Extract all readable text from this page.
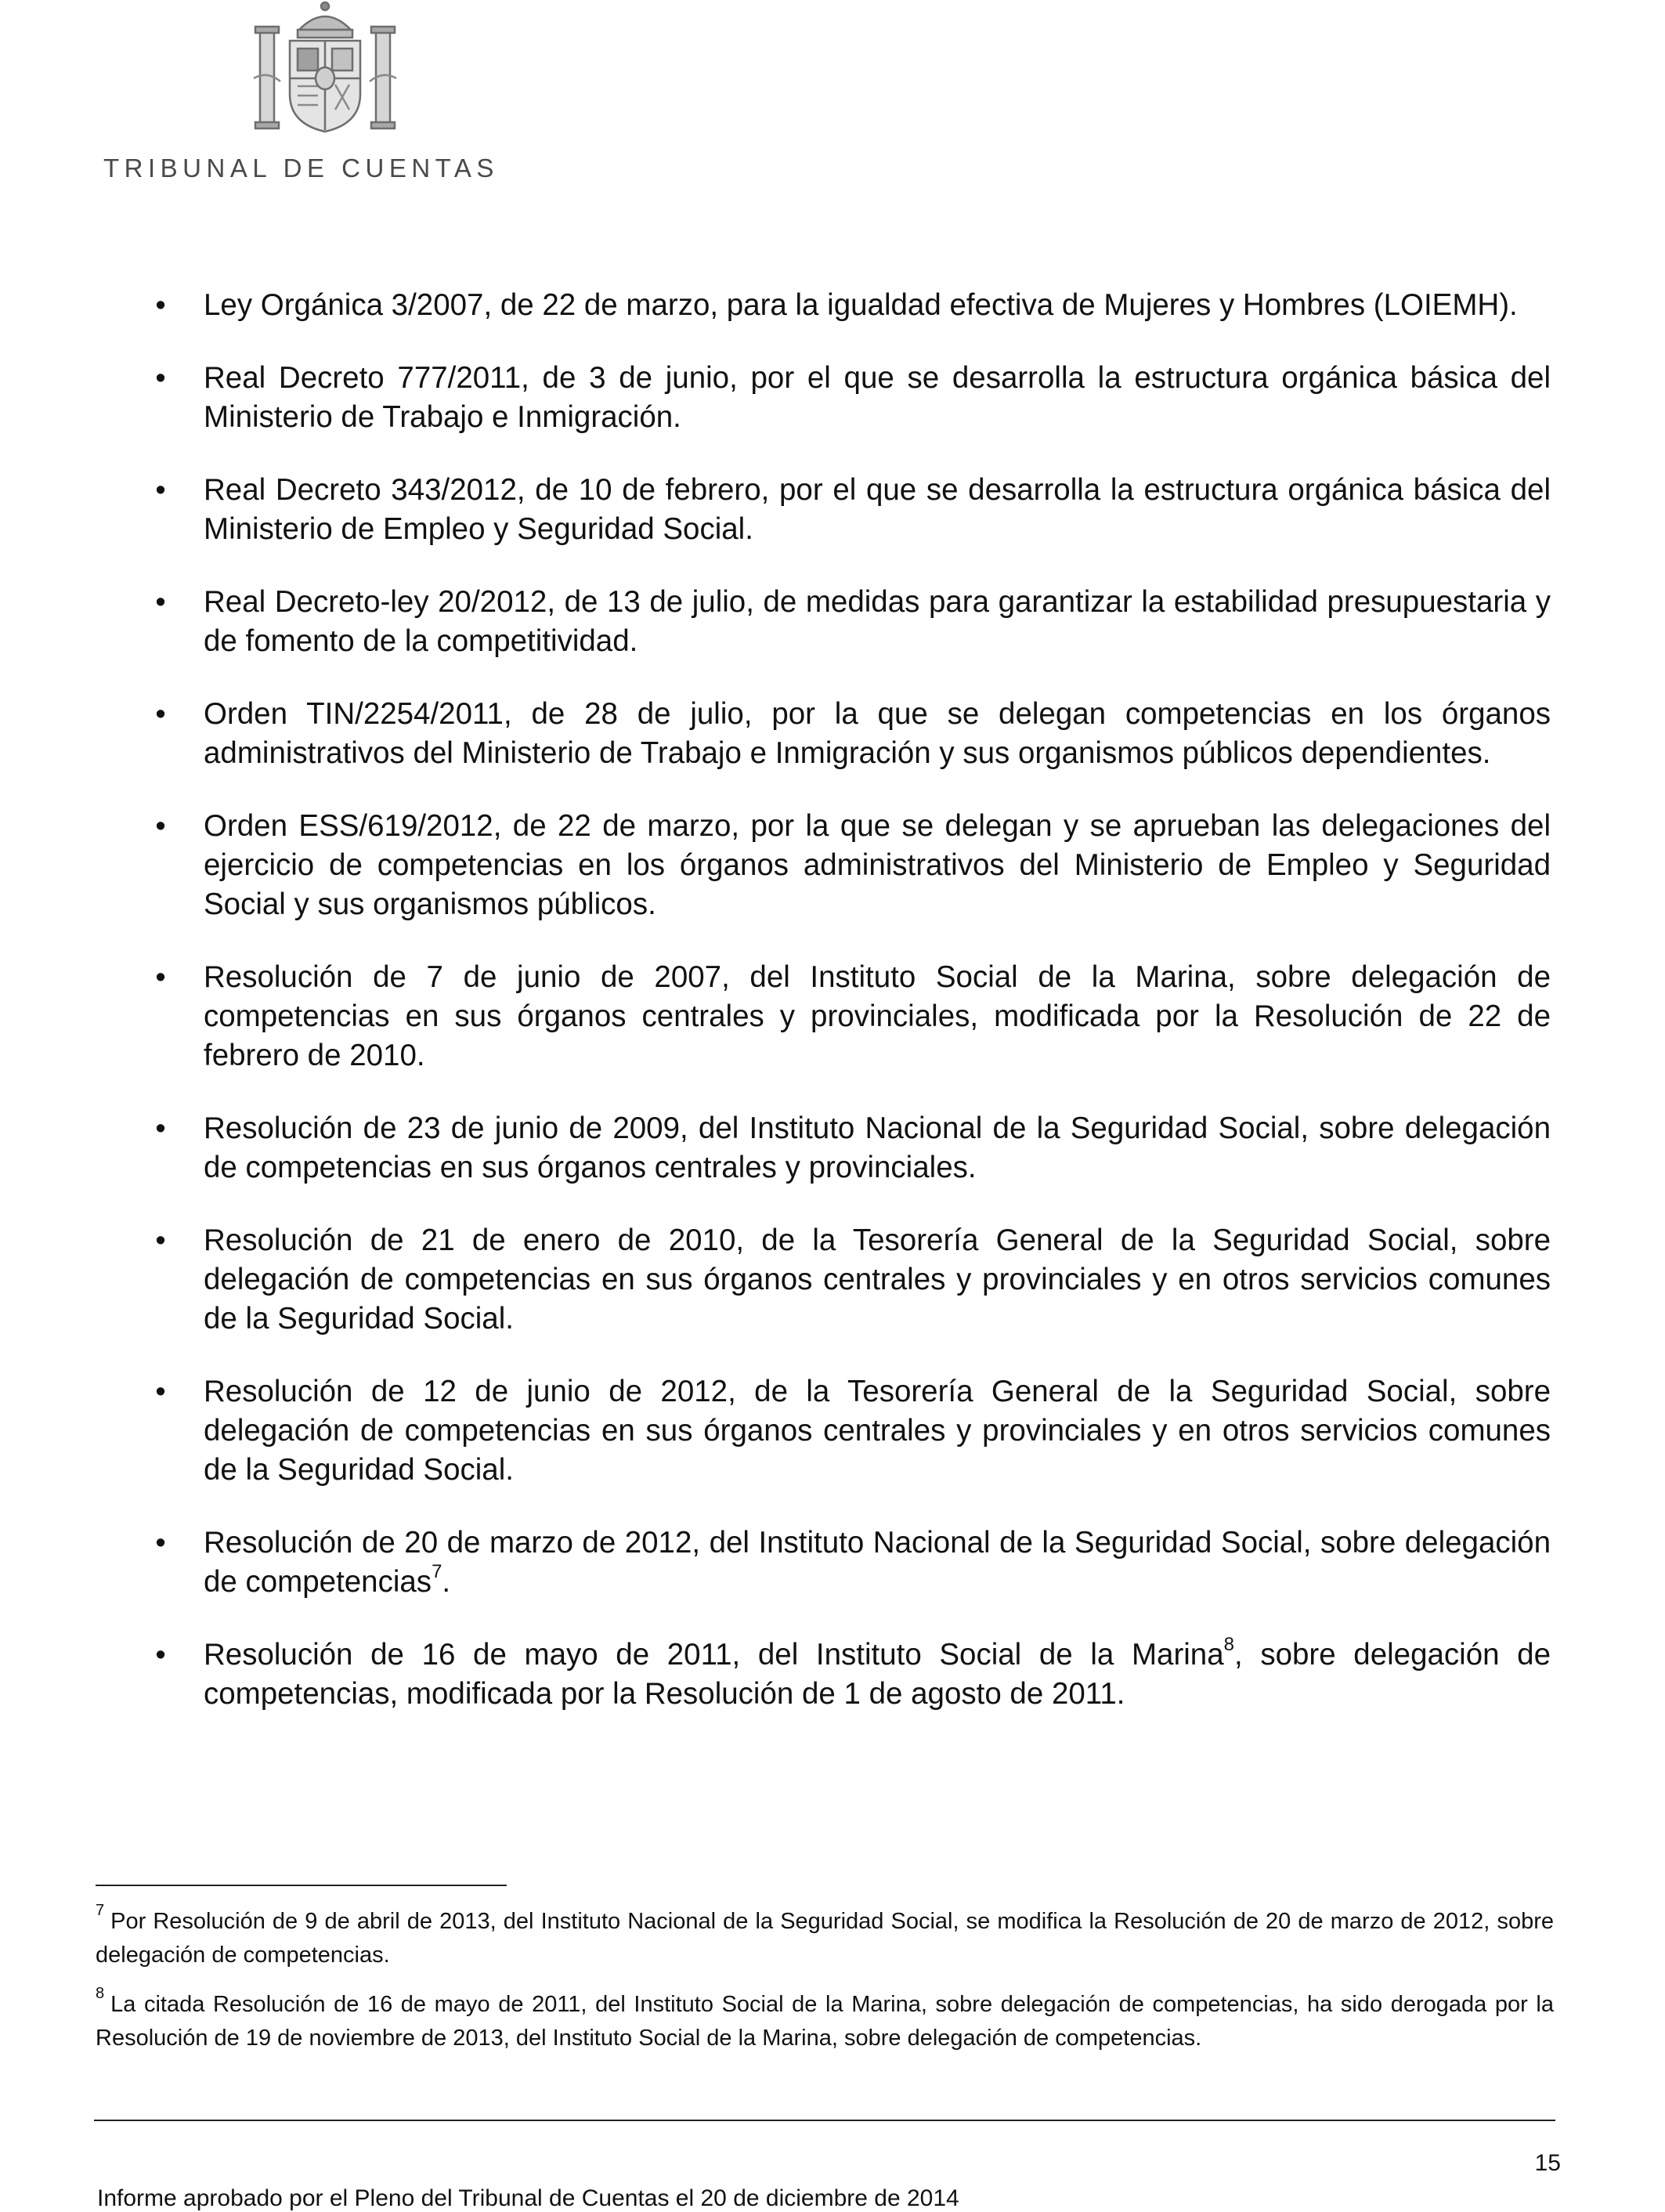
TRIBUNAL DE CUENTAS
• Ley Orgánica 3/2007, de 22 de marzo, para la igualdad efectiva de Mujeres y Hombres (LOIEMH).
• Real Decreto 777/2011, de 3 de junio, por el que se desarrolla la estructura orgánica básica del Ministerio de Trabajo e Inmigración.
• Real Decreto 343/2012, de 10 de febrero, por el que se desarrolla la estructura orgánica básica del Ministerio de Empleo y Seguridad Social.
• Real Decreto-ley 20/2012, de 13 de julio, de medidas para garantizar la estabilidad presupuestaria y de fomento de la competitividad.
• Orden TIN/2254/2011, de 28 de julio, por la que se delegan competencias en los órganos administrativos del Ministerio de Trabajo e Inmigración y sus organismos públicos dependientes.
• Orden ESS/619/2012, de 22 de marzo, por la que se delegan y se aprueban las delegaciones del ejercicio de competencias en los órganos administrativos del Ministerio de Empleo y Seguridad Social y sus organismos públicos.
• Resolución de 7 de junio de 2007, del Instituto Social de la Marina, sobre delegación de competencias en sus órganos centrales y provinciales, modificada por la Resolución de 22 de febrero de 2010.
• Resolución de 23 de junio de 2009, del Instituto Nacional de la Seguridad Social, sobre delegación de competencias en sus órganos centrales y provinciales.
• Resolución de 21 de enero de 2010, de la Tesorería General de la Seguridad Social, sobre delegación de competencias en sus órganos centrales y provinciales y en otros servicios comunes de la Seguridad Social.
• Resolución de 12 de junio de 2012, de la Tesorería General de la Seguridad Social, sobre delegación de competencias en sus órganos centrales y provinciales y en otros servicios comunes de la Seguridad Social.
• Resolución de 20 de marzo de 2012, del Instituto Nacional de la Seguridad Social, sobre delegación de competencias$^7$.
• Resolución de 16 de mayo de 2011, del Instituto Social de la Marina$^8$, sobre delegación de competencias, modificada por la Resolución de 1 de agosto de 2011.
$^7$ Por Resolución de 9 de abril de 2013, del Instituto Nacional de la Seguridad Social, se modifica la Resolución de 20 de marzo de 2012, sobre delegación de competencias.
$^8$ La citada Resolución de 16 de mayo de 2011, del Instituto Social de la Marina, sobre delegación de competencias, ha sido derogada por la Resolución de 19 de noviembre de 2013, del Instituto Social de la Marina, sobre delegación de competencias.
15
Informe aprobado por el Pleno del Tribunal de Cuentas el 20 de diciembre de 2014
